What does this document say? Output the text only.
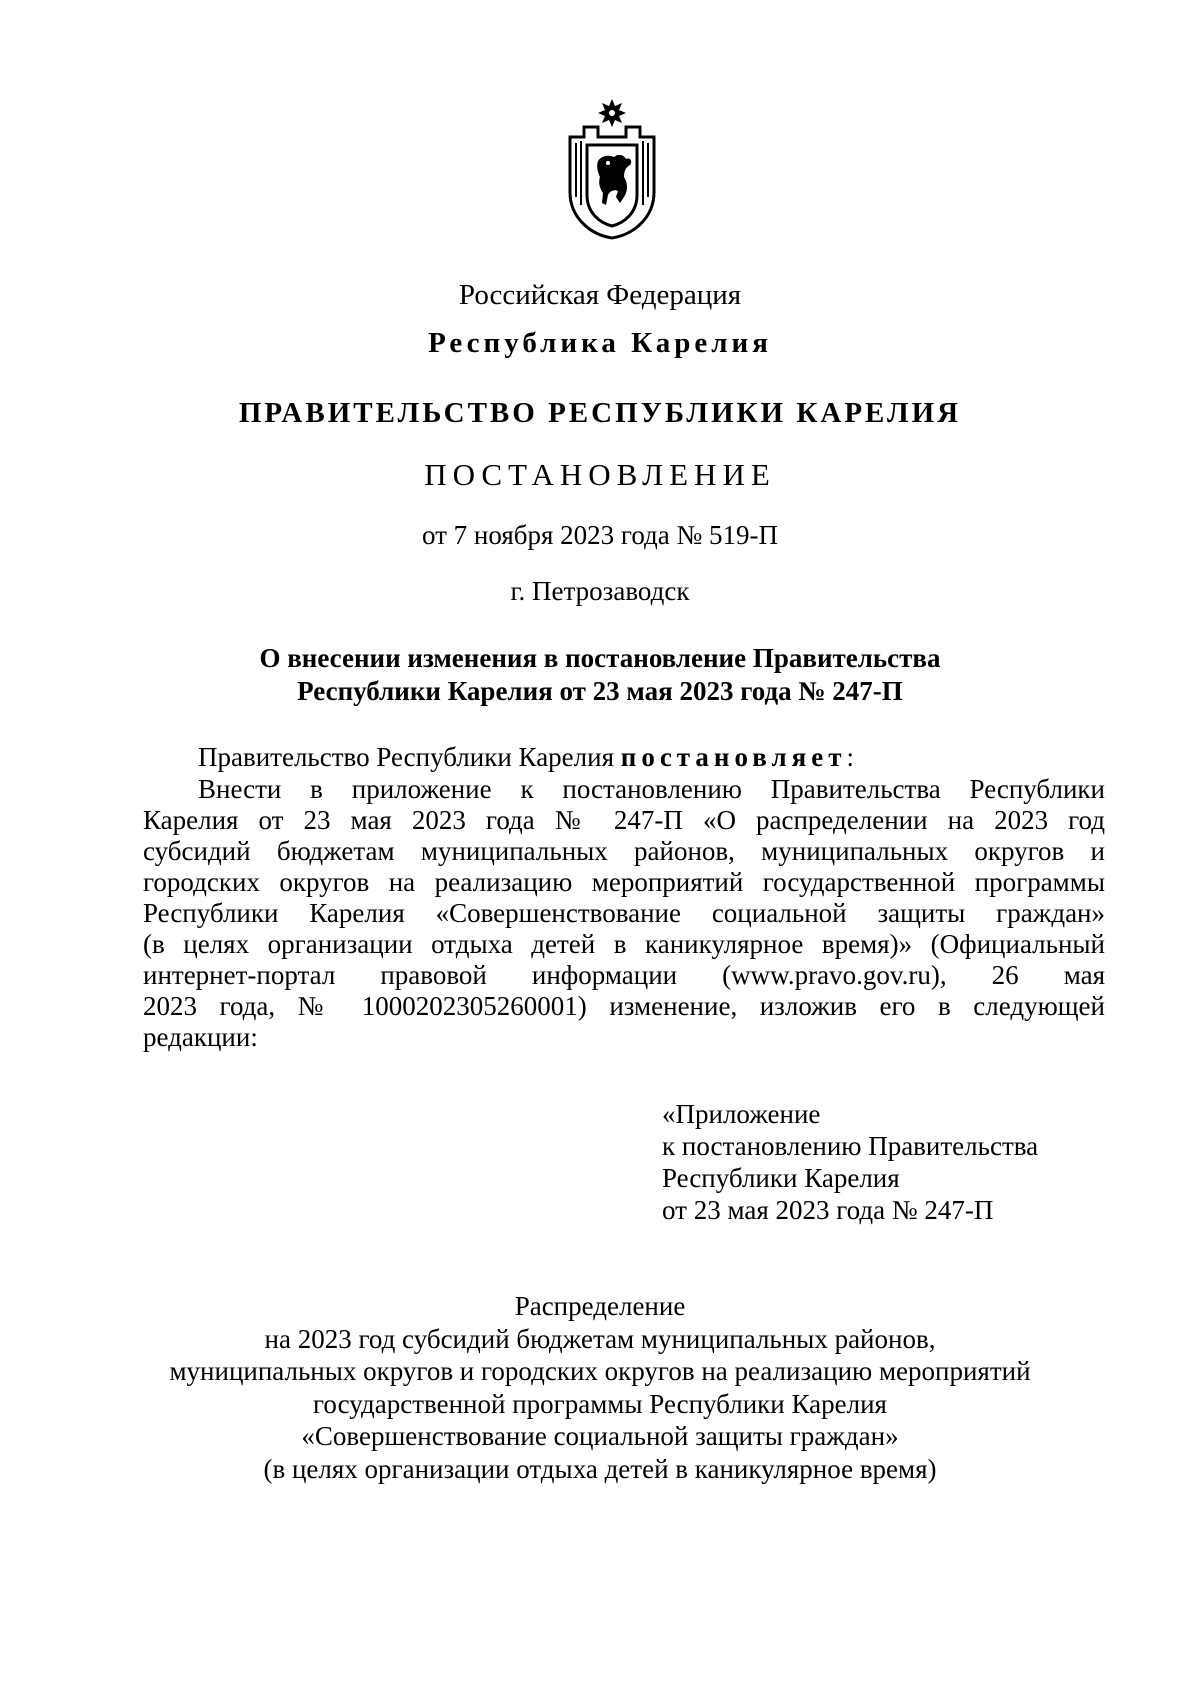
Российская Федерация
Республика Карелия
ПРАВИТЕЛЬСТВО РЕСПУБЛИКИ КАРЕЛИЯ
ПОСТАНОВЛЕНИЕ
от 7 ноября 2023 года № 519-П
г. Петрозаводск
О внесении изменения в постановление Правительства
Республики Карелия от 23 мая 2023 года № 247-П
Правительство Республики Карелия постановляет:
Внести в приложение к постановлению Правительства Республики
Карелия от 23 мая 2023 года № 247-П «О распределении на 2023 год
субсидий бюджетам муниципальных районов, муниципальных округов и
городских округов на реализацию мероприятий государственной программы
Республики Карелия «Совершенствование социальной защиты граждан»
(в целях организации отдыха детей в каникулярное время)» (Официальный
интернет-портал правовой информации (www.pravo.gov.ru), 26 мая
2023 года, № 1000202305260001) изменение, изложив его в следующей
редакции:
«Приложение
к постановлению Правительства
Республики Карелия
от 23 мая 2023 года № 247-П
Распределение
на 2023 год субсидий бюджетам муниципальных районов,
муниципальных округов и городских округов на реализацию мероприятий
государственной программы Республики Карелия
«Совершенствование социальной защиты граждан»
(в целях организации отдыха детей в каникулярное время)
